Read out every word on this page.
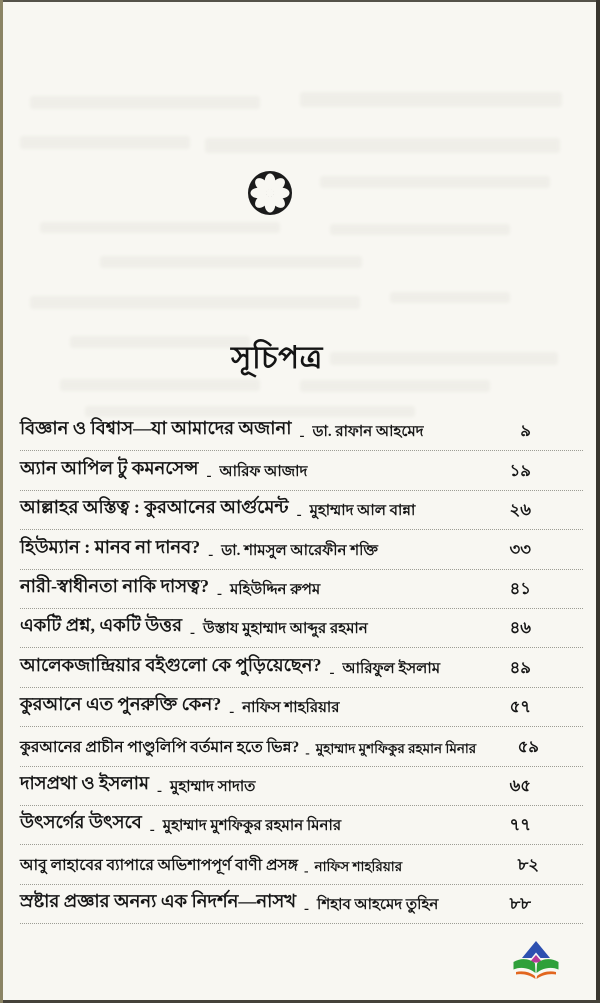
সূচিপত্র
বিজ্ঞান ও বিশ্বাস—যা আমাদের অজানা - ডা. রাফান আহমেদ	৯
অ্যান আপিল টু কমনসেন্স - আরিফ আজাদ	১৯
আল্লাহর অস্তিত্ব : কুরআনের আর্গুমেন্ট - মুহাম্মাদ আল বান্না	২৬
হিউম্যান : মানব না দানব? - ডা. শামসুল আরেফীন শক্তি	৩৩
নারী-স্বাধীনতা নাকি দাসত্ব? - মহিউদ্দিন রুপম	৪১
একটি প্রশ্ন, একটি উত্তর - উস্তায মুহাম্মাদ আব্দুর রহমান	৪৬
আলেকজান্দ্রিয়ার বইগুলো কে পুড়িয়েছেন? - আরিফুল ইসলাম	৪৯
কুরআনে এত পুনরুক্তি কেন? - নাফিস শাহরিয়ার	৫৭
কুরআনের প্রাচীন পাণ্ডুলিপি বর্তমান হতে ভিন্ন? - মুহাম্মাদ মুশফিকুর রহমান মিনার	৫৯
দাসপ্রথা ও ইসলাম - মুহাম্মাদ সাদাত	৬৫
উৎসর্গের উৎসবে - মুহাম্মাদ মুশফিকুর রহমান মিনার	৭৭
আবু লাহাবের ব্যাপারে অভিশাপপূর্ণ বাণী প্রসঙ্গ - নাফিস শাহরিয়ার	৮২
স্রষ্টার প্রজ্ঞার অনন্য এক নিদর্শন—নাসখ - শিহাব আহমেদ তুহিন	৮৮
